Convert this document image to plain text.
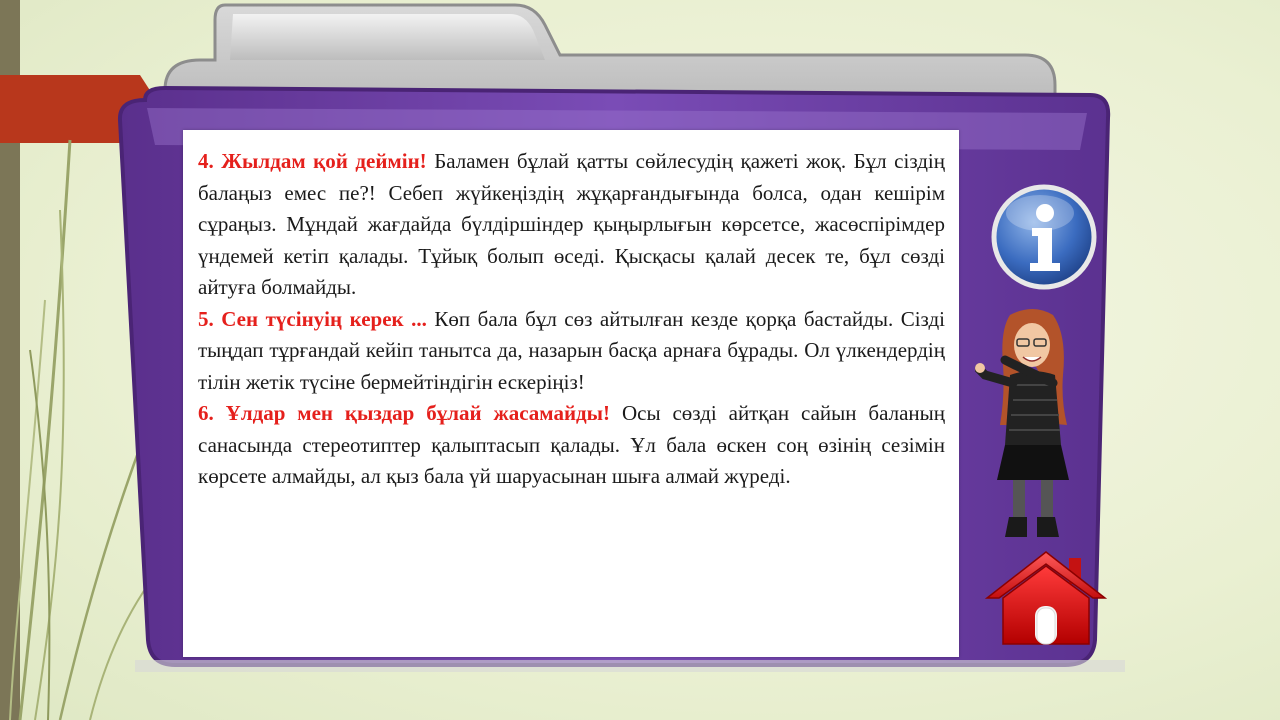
4. Жылдам қой деймін! Баламен бұлай қатты сөйлесудің қажеті жоқ. Бұл сіздің балаңыз емес пе?! Себеп жүйкеңіздің жұқарғандығында болса, одан кешірім сұраңыз. Мұндай жағдайда бүлдіршіндер қыңырлығын көрсетсе, жасөспірімдер үндемей кетіп қалады. Тұйық болып өседі. Қысқасы қалай десек те, бұл сөзді айтуға болмайды.

5. Сен түсінуің керек ... Көп бала бұл сөз айтылған кезде қорқа бастайды. Сізді тыңдап тұрғандай кейіп танытса да, назарын басқа арнаға бұрады. Ол үлкендердің тілін жетік түсіне бермейтіндігін ескеріңіз!

6. Ұлдар мен қыздар бұлай жасамайды! Осы сөзді айтқан сайын баланың санасында стереотиптер қалыптасып қалады. Ұл бала өскен соң өзінің сезімін көрсете алмайды, ал қыз бала үй шаруасынан шыға алмай жүреді.
